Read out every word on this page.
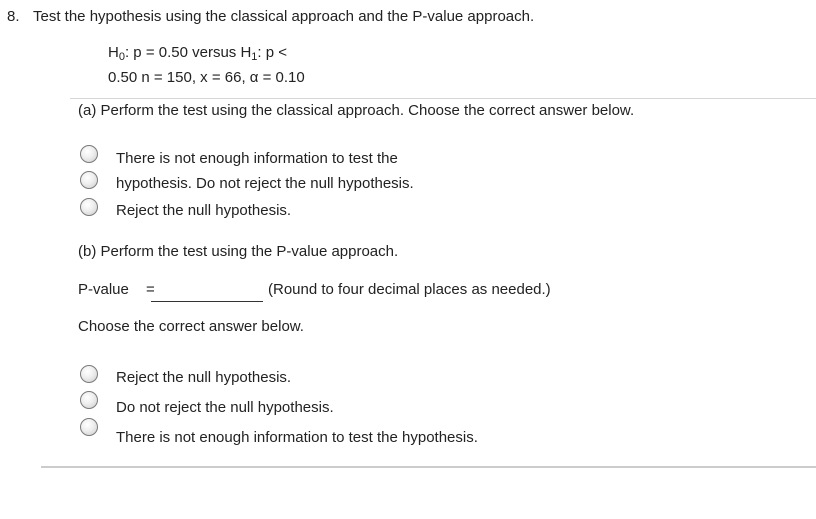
8. Test the hypothesis using the classical approach and the P-value approach.
$H_0$: p = 0.50 versus $H_1$: p <
0.50 n = 150, x = 66, α = 0.10
(a) Perform the test using the classical approach. Choose the correct answer below.
There is not enough information to test the
hypothesis. Do not reject the null hypothesis.
Reject the null hypothesis.
(b) Perform the test using the P-value approach.
P-value =	(Round to four decimal places as needed.)
Choose the correct answer below.
Reject the null hypothesis.
Do not reject the null hypothesis.
There is not enough information to test the hypothesis.
